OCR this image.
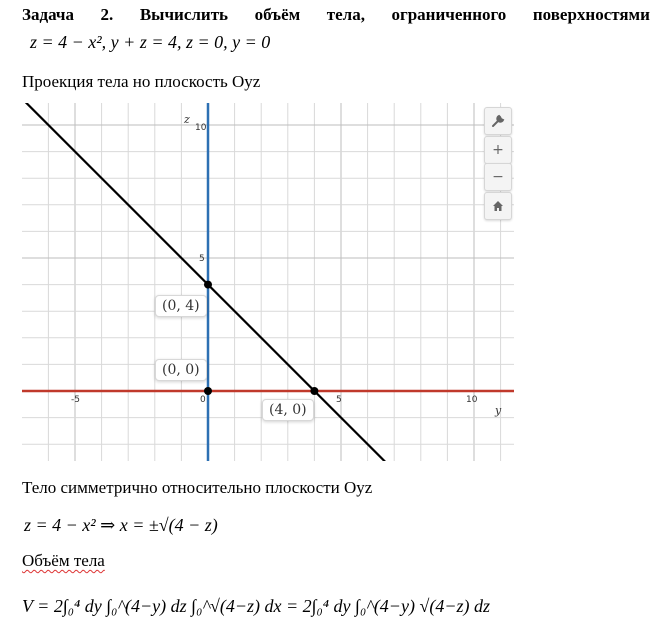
Задача 2. Вычислить объём тела, ограниченного поверхностями
z = 4 − x², y + z = 4, z = 0, y = 0
Проекция тела но плоскость Oyz
z
y
-5	0	5	10
5
10
(0, 4)
(0, 0)
(4, 0)
+
−
Тело симметрично относительно плоскости Oyz
z = 4 − x² ⇒ x = ±√(4 − z)
Объём тела
V = 2∫₀⁴ dy ∫₀^(4−y) dz ∫₀^√(4−z) dx = 2∫₀⁴ dy ∫₀^(4−y) √(4−z) dz
